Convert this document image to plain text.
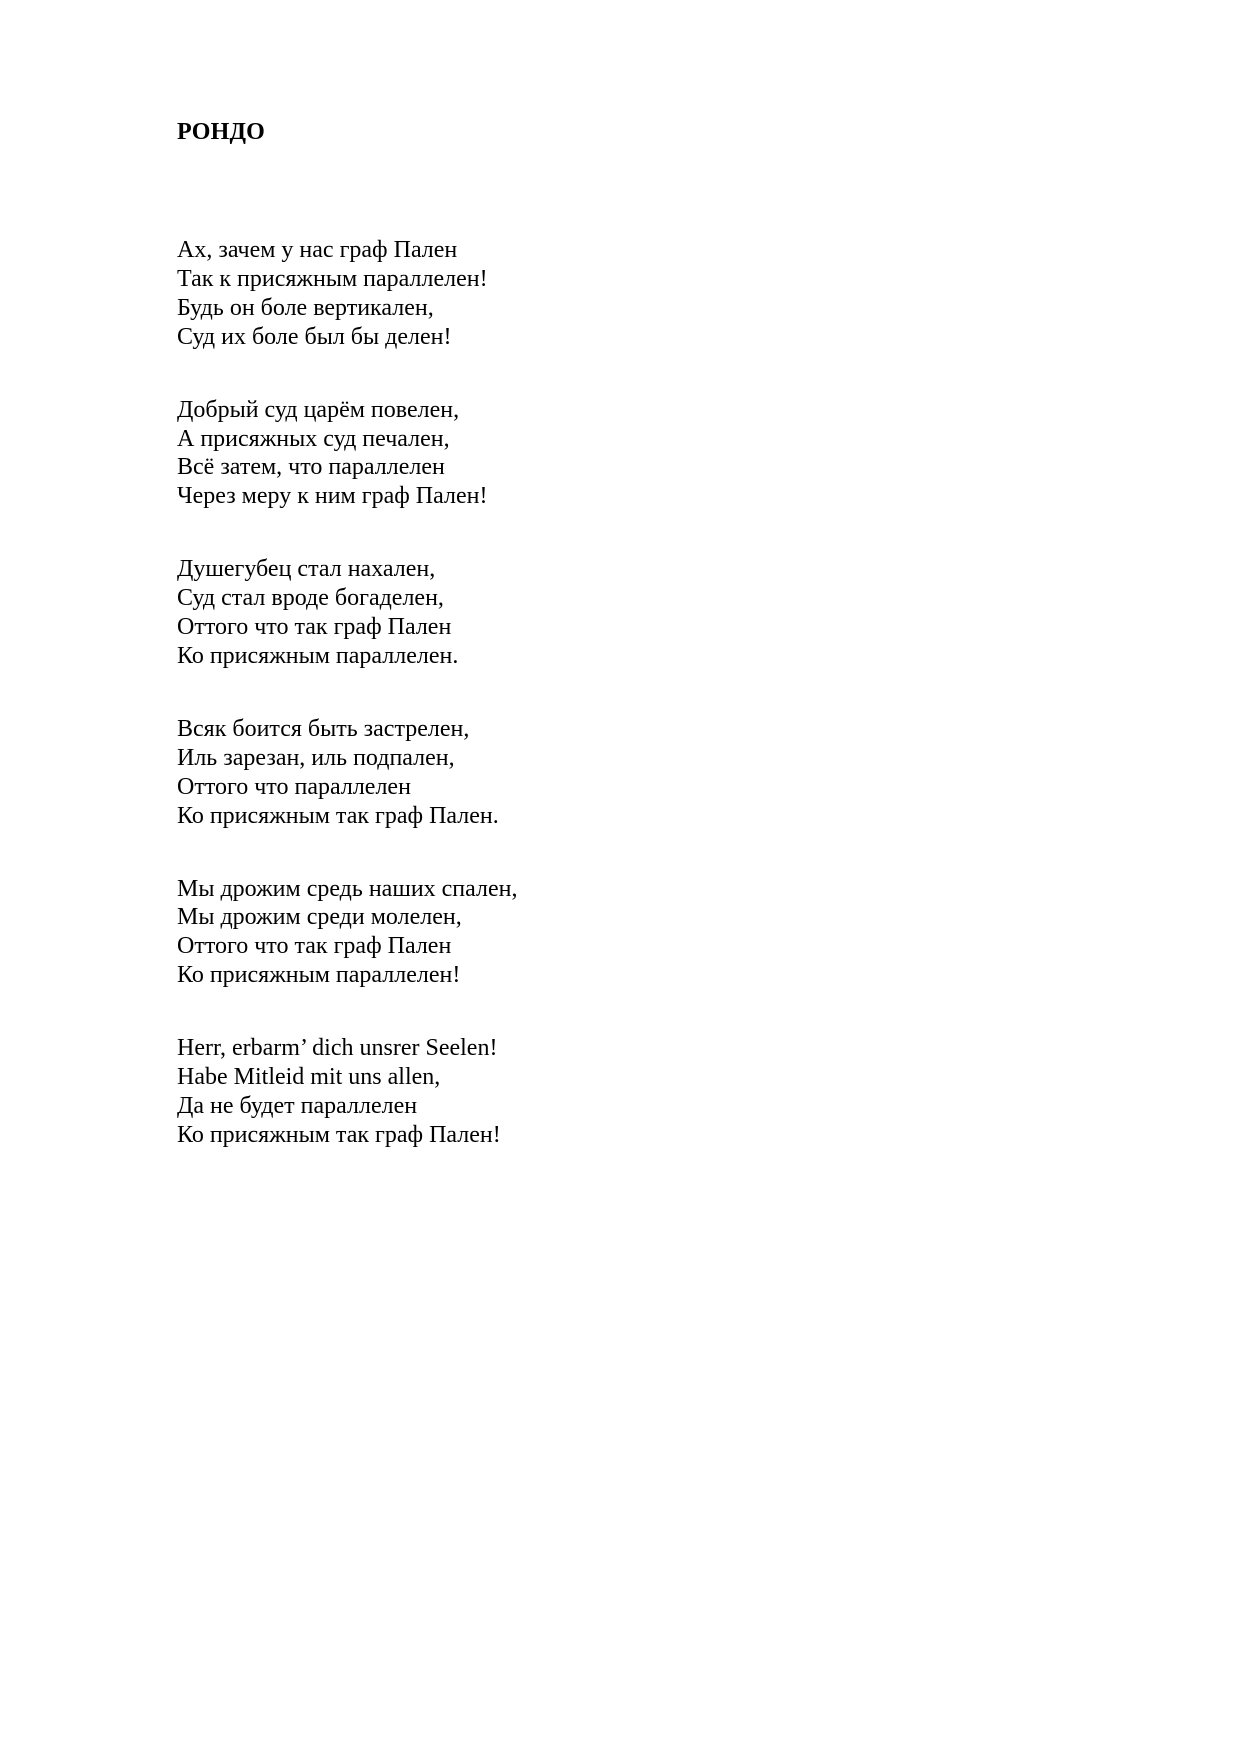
РОНДО
Ах, зачем у нас граф Пален
Так к присяжным параллелен!
Будь он боле вертикален,
Суд их боле был бы делен!
Добрый суд царём повелен,
А присяжных суд печален,
Всё затем, что параллелен
Через меру к ним граф Пален!
Душегубец стал нахален,
Суд стал вроде богаделен,
Оттого что так граф Пален
Ко присяжным параллелен.
Всяк боится быть застрелен,
Иль зарезан, иль подпален,
Оттого что параллелен
Ко присяжным так граф Пален.
Мы дрожим средь наших спален,
Мы дрожим среди молелен,
Оттого что так граф Пален
Ко присяжным параллелен!
Herr, erbarm’ dich unsrer Seelen!
Habe Mitleid mit uns allen,
Да не будет параллелен
Ко присяжным так граф Пален!
